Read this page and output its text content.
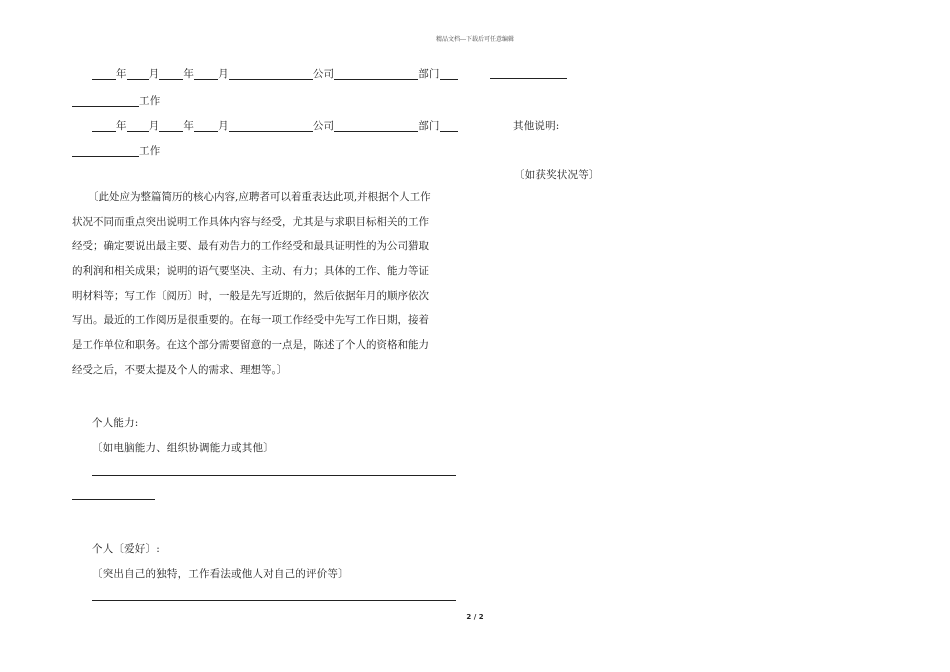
精品文档---下载后可任意编辑
年 月 年 月	公司	部门
工作
年 月 年 月	公司	部门	其他说明:
工作
〔如获奖状况等〕
〔此处应为整篇简历的核心内容,应聘者可以着重表达此项,并根据个人工作
状况不同而重点突出说明工作具体内容与经受，尤其是与求职目标相关的工作
经受；确定要说出最主要、最有劝告力的工作经受和最具证明性的为公司猎取
的利润和相关成果；说明的语气要坚决、主动、有力；具体的工作、能力等证
明材料等；写工作〔阅历〕时，一般是先写近期的，然后依据年月的顺序依次
写出。最近的工作阅历是很重要的。在每一项工作经受中先写工作日期，接着
是工作单位和职务。在这个部分需要留意的一点是，陈述了个人的资格和能力
经受之后，不要太提及个人的需求、理想等。〕
个人能力:
〔如电脑能力、组织协调能力或其他〕
个人〔爱好〕:
〔突出自己的独特，工作看法或他人对自己的评价等〕
2 / 2
